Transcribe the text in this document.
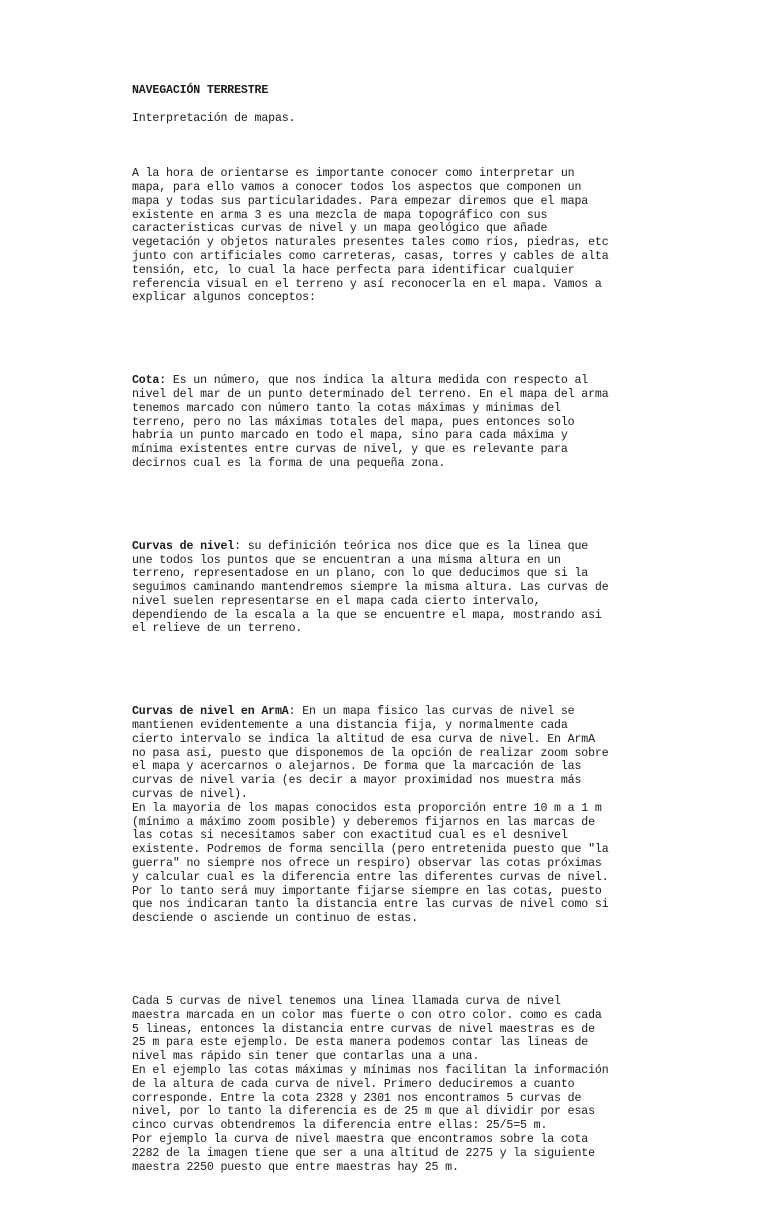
NAVEGACIÓN TERRESTRE
Interpretación de mapas.

A la hora de orientarse es importante conocer como interpretar un
mapa, para ello vamos a conocer todos los aspectos que componen un
mapa y todas sus particularidades. Para empezar diremos que el mapa
existente en arma 3 es una mezcla de mapa topográfico con sus
caracteristicas curvas de nivel y un mapa geológico que añade
vegetación y objetos naturales presentes tales como rios, piedras, etc
junto con artificiales como carreteras, casas, torres y cables de alta
tensión, etc, lo cual la hace perfecta para identificar cualquier
referencia visual en el terreno y así reconocerla en el mapa. Vamos a
explicar algunos conceptos:

Cota: Es un número, que nos indica la altura medida con respecto al
nivel del mar de un punto determinado del terreno. En el mapa del arma
tenemos marcado con número tanto la cotas máximas y minimas del
terreno, pero no las máximas totales del mapa, pues entonces solo
habria un punto marcado en todo el mapa, sino para cada máxima y
mínima existentes entre curvas de nivel, y que es relevante para
decirnos cual es la forma de una pequeña zona.

Curvas de nivel: su definición teórica nos dice que es la linea que
une todos los puntos que se encuentran a una misma altura en un
terreno, representadose en un plano, con lo que deducimos que si la
seguimos caminando mantendremos siempre la misma altura. Las curvas de
nivel suelen representarse en el mapa cada cierto intervalo,
dependiendo de la escala a la que se encuentre el mapa, mostrando asi
el relieve de un terreno.

Curvas de nivel en ArmA: En un mapa fisico las curvas de nivel se
mantienen evidentemente a una distancia fija, y normalmente cada
cierto intervalo se indica la altitud de esa curva de nivel. En ArmA
no pasa asi, puesto que disponemos de la opción de realizar zoom sobre
el mapa y acercarnos o alejarnos. De forma que la marcación de las
curvas de nivel varia (es decir a mayor proximidad nos muestra más
curvas de nivel).
En la mayoria de los mapas conocidos esta proporción entre 10 m a 1 m
(mínimo a máximo zoom posible) y deberemos fijarnos en las marcas de
las cotas si necesitamos saber con exactitud cual es el desnivel
existente. Podremos de forma sencilla (pero entretenida puesto que "la
guerra" no siempre nos ofrece un respiro) observar las cotas próximas
y calcular cual es la diferencia entre las diferentes curvas de nivel.
Por lo tanto será muy importante fijarse siempre en las cotas, puesto
que nos indicaran tanto la distancia entre las curvas de nivel como si
desciende o asciende un continuo de estas.

Cada 5 curvas de nivel tenemos una linea llamada curva de nivel
maestra marcada en un color mas fuerte o con otro color. como es cada
5 lineas, entonces la distancia entre curvas de nivel maestras es de
25 m para este ejemplo. De esta manera podemos contar las lineas de
nivel mas rápido sin tener que contarlas una a una.
En el ejemplo las cotas máximas y mínimas nos facilitan la información
de la altura de cada curva de nivel. Primero deduciremos a cuanto
corresponde. Entre la cota 2328 y 2301 nos encontramos 5 curvas de
nivel, por lo tanto la diferencia es de 25 m que al dividir por esas
cinco curvas obtendremos la diferencia entre ellas: 25/5=5 m.
Por ejemplo la curva de nivel maestra que encontramos sobre la cota
2282 de la imagen tiene que ser a una altitud de 2275 y la siguiente
maestra 2250 puesto que entre maestras hay 25 m.
